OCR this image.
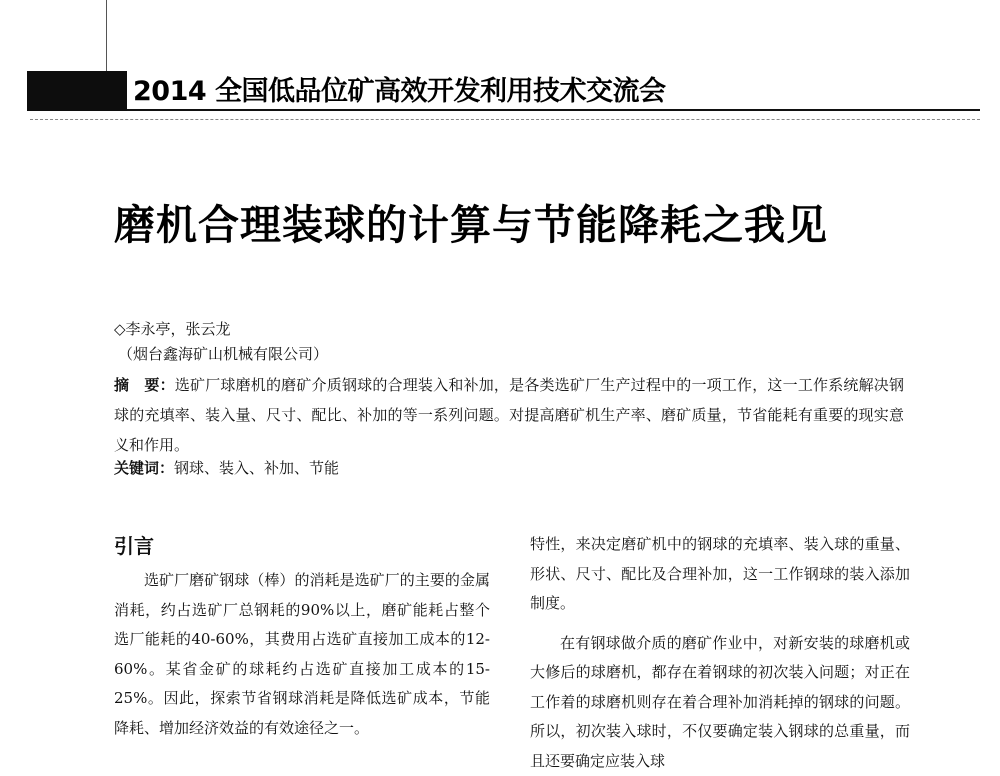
2014 全国低品位矿高效开发利用技术交流会
磨机合理装球的计算与节能降耗之我见
◇李永亭，张云龙
（烟台鑫海矿山机械有限公司）
摘　要：选矿厂球磨机的磨矿介质钢球的合理装入和补加，是各类选矿厂生产过程中的一项工作，这一工作系统解决钢球的充填率、装入量、尺寸、配比、补加的等一系列问题。对提高磨矿机生产率、磨矿质量，节省能耗有重要的现实意义和作用。
关键词：钢球、装入、补加、节能
引言

选矿厂磨矿钢球（棒）的消耗是选矿厂的主要的金属消耗，约占选矿厂总钢耗的90%以上，磨矿能耗占整个选厂能耗的40-60%，其费用占选矿直接加工成本的12-60%。某省金矿的球耗约占选矿直接加工成本的15-25%。因此，探索节省钢球消耗是降低选矿成本，节能降耗、增加经济效益的有效途径之一。

特性，来决定磨矿机中的钢球的充填率、装入球的重量、形状、尺寸、配比及合理补加，这一工作钢球的装入添加制度。

在有钢球做介质的磨矿作业中，对新安装的球磨机或大修后的球磨机，都存在着钢球的初次装入问题；对正在工作着的球磨机则存在着合理补加消耗掉的钢球的问题。所以，初次装入球时，不仅要确定装入钢球的总重量，而且还要确定应装入球
